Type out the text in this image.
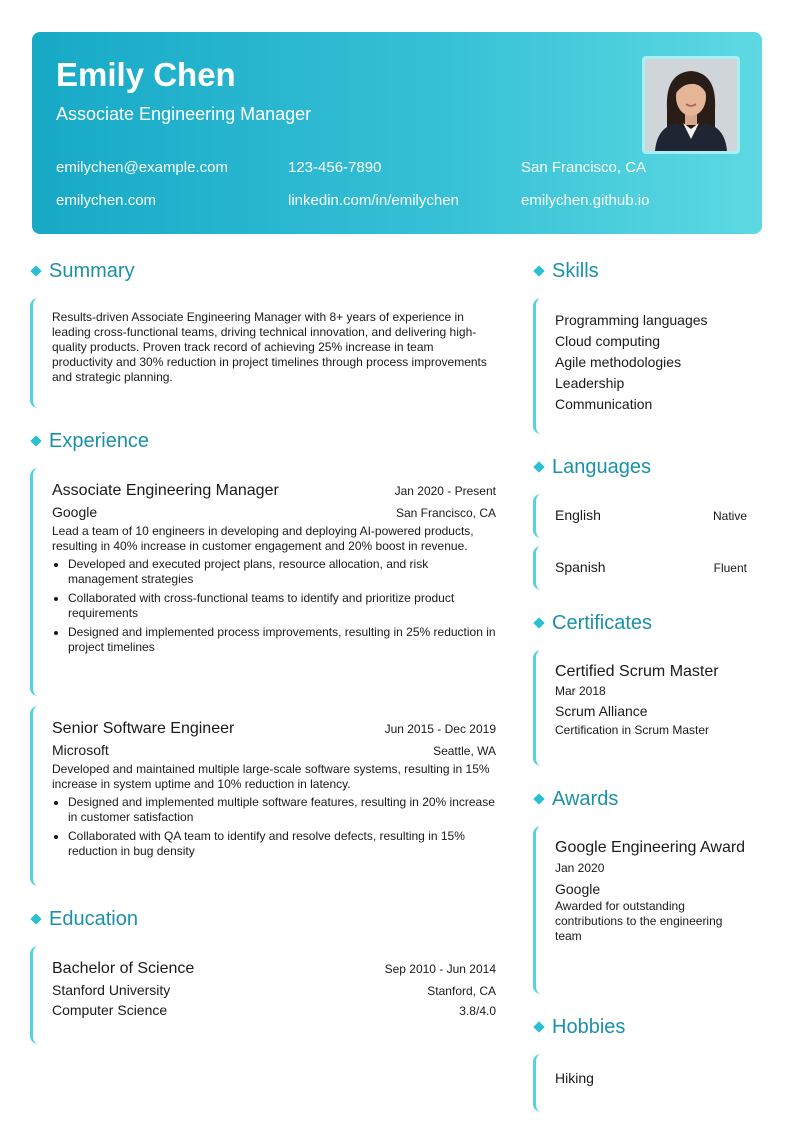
Emily Chen
Associate Engineering Manager
emilychen@example.com	123-456-7890	San Francisco, CA
emilychen.com	linkedin.com/in/emilychen	emilychen.github.io
Summary
Results-driven Associate Engineering Manager with 8+ years of experience in leading cross-functional teams, driving technical innovation, and delivering high-quality products. Proven track record of achieving 25% increase in team productivity and 30% reduction in project timelines through process improvements and strategic planning.
Experience
Associate Engineering Manager	Jan 2020 - Present
Google	San Francisco, CA
Lead a team of 10 engineers in developing and deploying AI-powered products, resulting in 40% increase in customer engagement and 20% boost in revenue.
• Developed and executed project plans, resource allocation, and risk management strategies
• Collaborated with cross-functional teams to identify and prioritize product requirements
• Designed and implemented process improvements, resulting in 25% reduction in project timelines
Senior Software Engineer	Jun 2015 - Dec 2019
Microsoft	Seattle, WA
Developed and maintained multiple large-scale software systems, resulting in 15% increase in system uptime and 10% reduction in latency.
• Designed and implemented multiple software features, resulting in 20% increase in customer satisfaction
• Collaborated with QA team to identify and resolve defects, resulting in 15% reduction in bug density
Education
Bachelor of Science	Sep 2010 - Jun 2014
Stanford University	Stanford, CA
Computer Science	3.8/4.0
Skills
Programming languages
Cloud computing
Agile methodologies
Leadership
Communication
Languages
English	Native
Spanish	Fluent
Certificates
Certified Scrum Master
Mar 2018
Scrum Alliance
Certification in Scrum Master
Awards
Google Engineering Award
Jan 2020
Google
Awarded for outstanding contributions to the engineering team
Hobbies
Hiking
